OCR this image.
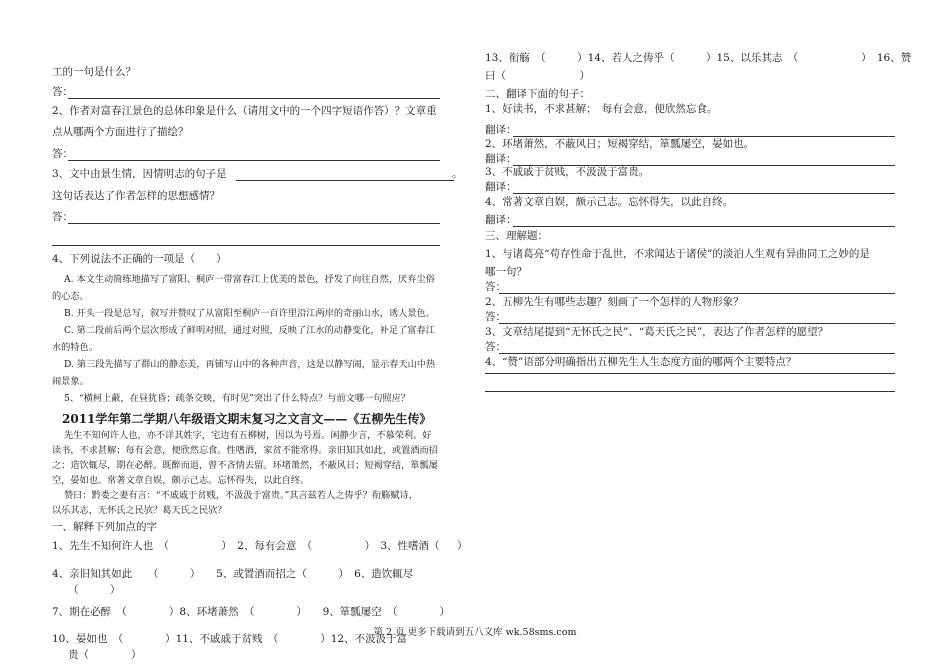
工的一句是什么？
答：
2、作者对富春江景色的总体印象是什么（请用文中的一个四字短语作答）？文章重
点从哪两个方面进行了描绘？
答：
3、文中由景生情，因情明志的句子是	。
这句话表达了作者怎样的思想感情？
答：
4、下列说法不正确的一项是（　　）
A. 本文生动简练地描写了富阳、桐庐一带富春江上优美的景色，抒发了向往自然，厌弃尘俗
的心态。
B. 开头一段是总写，叙写并赞叹了从富阳至桐庐一百许里沿江两岸的奇丽山水，诱人景色。
C. 第二段前后两个层次形成了鲜明对照，通过对照，反映了江水的动静变化，补足了富春江
水的特色。
D. 第三段先描写了群山的静态美，再铺写山中的各种声音，这是以静写闹，显示春天山中热
闹景象。
5、“横柯上蔽，在昼犹昏；疏条交映，有时见”突出了什么特点？与前文哪一句照应？
2011学年第二学期八年级语文期末复习之文言文——《五柳先生传》
先生不知何许人也，亦不详其姓字，宅边有五柳树，因以为号焉。闲静少言，不慕荣利。好
读书，不求甚解；每有会意，便欣然忘食。性嗜酒，家贫不能常得。亲旧知其如此，或置酒而招
之；造饮辄尽，期在必醉。既醉而退，曾不吝情去留。环堵萧然，不蔽风日；短褐穿结，箪瓢屡
空，晏如也。常著文章自娱，颇示己志。忘怀得失，以此自终。
赞曰：黔娄之妻有言：“不戚戚于贫贱，不汲汲于富贵。”其言兹若人之俦乎？衔觞赋诗，
以乐其志，无怀氏之民欤？葛天氏之民欤？
一、解释下列加点的字
1、先生不知何许人也　（　　　　　）　2、每有会意　（　　　　　）　3、性嗜酒（ ）
4、亲旧知其如此　　（　　　）　　5、或置酒而招之（　　　）　6、造饮辄尽
（　　　）
7、期在必醉　（　　　　）8、环堵萧然　（　　　　）　　9、箪瓢屡空　（　　　　）
10、晏如也　（　　　　）11、不戚戚于贫贱　（　　　　）12、不汲汲于富
贵（　　　　）
13、衔觞　（　　　）14、若人之俦乎（　　　）15、以乐其志　（　　　　　　）　16、赞
曰（　　　　　　　）
二、翻译下面的句子：
1、好读书，不求甚解；　每有会意，便欣然忘食。
翻译：
2、环堵萧然，不蔽风日；短褐穿结，箪瓢屡空，晏如也。
翻译：
3、不戚戚于贫贱，不汲汲于富贵。
翻译：
4、常著文章自娱，颇示己志。忘怀得失，以此自终。
翻译：
三、理解题：
1、与诸葛亮“苟存性命于乱世，不求闻达于诸侯”的淡泊人生观有异曲同工之妙的是
哪一句？
答：
2、五柳先生有哪些志趣？刻画了一个怎样的人物形象？
答：
3、文章结尾提到“无怀氏之民”、“葛天氏之民”，表达了作者怎样的愿望？
答：
4、“赞”语部分明确指出五柳先生人生态度方面的哪两个主要特点？
第 2 页 更多下载请到五八文库 wk.58sms.com
